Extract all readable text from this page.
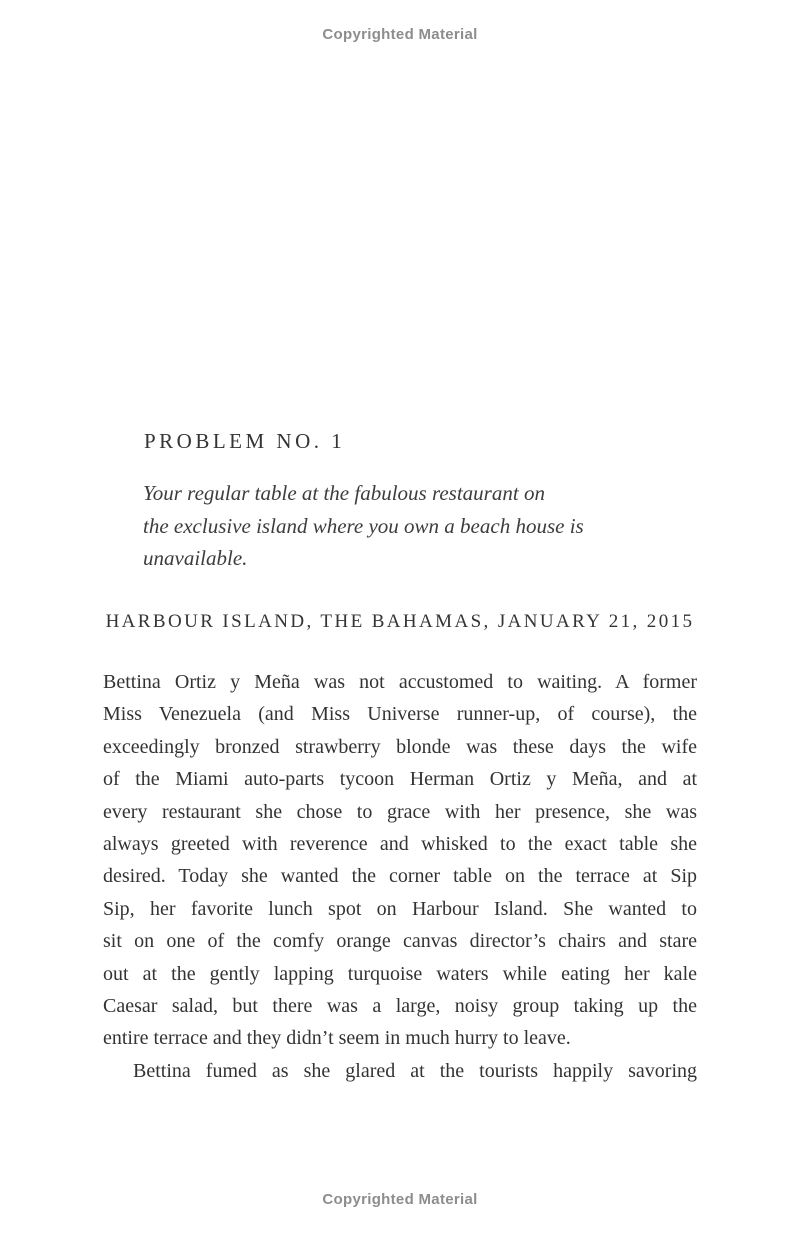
Copyrighted Material
PROBLEM NO. 1
Your regular table at the fabulous restaurant on
the exclusive island where you own a beach house is
unavailable.
HARBOUR ISLAND, THE BAHAMAS, JANUARY 21, 2015
Bettina Ortiz y Meña was not accustomed to waiting. A former
Miss Venezuela (and Miss Universe runner-up, of course), the
exceedingly bronzed strawberry blonde was these days the wife
of the Miami auto-parts tycoon Herman Ortiz y Meña, and at
every restaurant she chose to grace with her presence, she was
always greeted with reverence and whisked to the exact table she
desired. Today she wanted the corner table on the terrace at Sip
Sip, her favorite lunch spot on Harbour Island. She wanted to
sit on one of the comfy orange canvas director’s chairs and stare
out at the gently lapping turquoise waters while eating her kale
Caesar salad, but there was a large, noisy group taking up the
entire terrace and they didn’t seem in much hurry to leave.
Bettina fumed as she glared at the tourists happily savoring
Copyrighted Material
